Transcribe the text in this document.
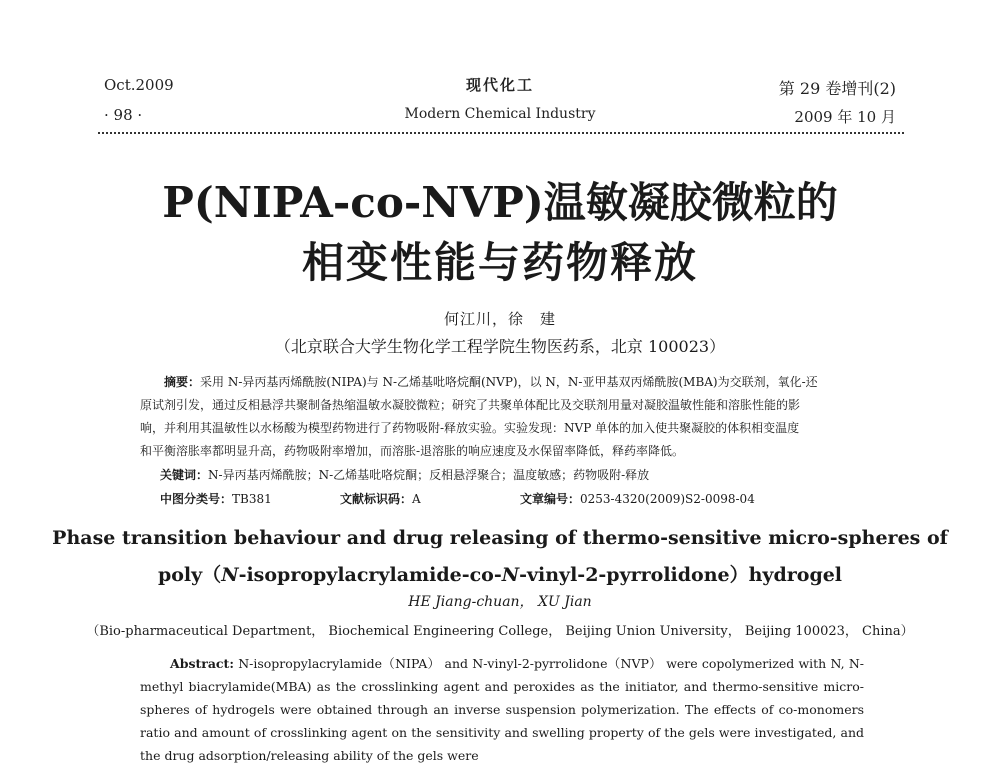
Oct.2009
· 98 ·
现代化工
Modern Chemical Industry
第 29 卷增刊(2)
2009 年 10 月
P(NIPA-co-NVP)温敏凝胶微粒的
相变性能与药物释放
何江川，徐　建
（北京联合大学生物化学工程学院生物医药系，北京 100023）

摘要：采用 N-异丙基丙烯酰胺(NIPA)与 N-乙烯基吡咯烷酮(NVP)，以 N，N-亚甲基双丙烯酰胺(MBA)为交联剂，氧化-还

原试剂引发，通过反相悬浮共聚制备热缩温敏水凝胶微粒；研究了共聚单体配比及交联剂用量对凝胶温敏性能和溶胀性能的影

响，并利用其温敏性以水杨酸为模型药物进行了药物吸附-释放实验。实验发现：NVP 单体的加入使共聚凝胶的体积相变温度

和平衡溶胀率都明显升高，药物吸附率增加，而溶胀-退溶胀的响应速度及水保留率降低，释药率降低。

关键词：N-异丙基丙烯酰胺；N-乙烯基吡咯烷酮；反相悬浮聚合；温度敏感；药物吸附-释放
中图分类号：TB381	文献标识码：A	文章编号：0253-4320(2009)S2-0098-04
Phase transition behaviour and drug releasing of thermo-sensitive micro-spheres of
poly（N-isopropylacrylamide-co-N-vinyl-2-pyrrolidone）hydrogel
HE Jiang-chuan， XU Jian
（Bio-pharmaceutical Department， Biochemical Engineering College， Beijing Union University， Beijing 100023， China）
Abstract: N-isopropylacrylamide（NIPA） and N-vinyl-2-pyrrolidone（NVP） were copolymerized with N, N-methyl biacrylamide(MBA) as the crosslinking agent and peroxides as the initiator, and thermo-sensitive micro-spheres of hydrogels were obtained through an inverse suspension polymerization. The effects of co-monomers ratio and amount of crosslinking agent on the sensitivity and swelling property of the gels were investigated, and the drug adsorption/releasing ability of the gels were
